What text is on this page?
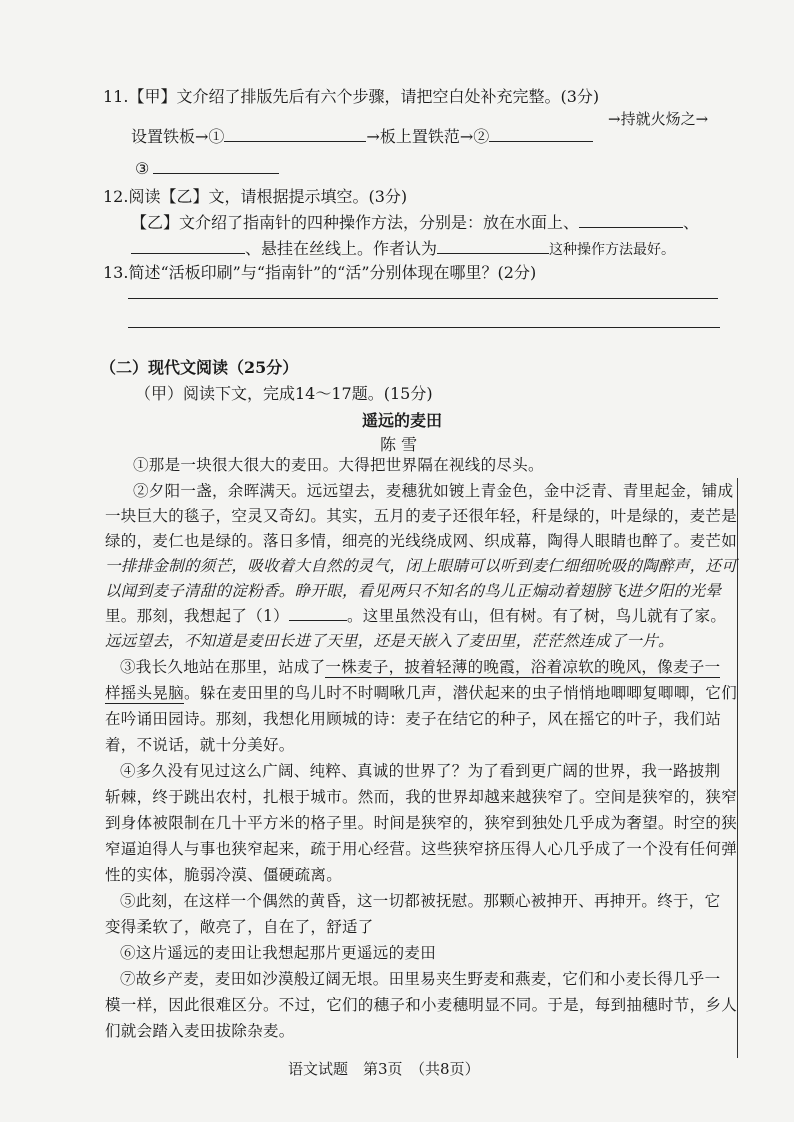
11.【甲】文介绍了排版先后有六个步骤，请把空白处补充完整。(3分)
设置铁板→①	→板上置铁范→②
→持就火炀之→
③
12.阅读【乙】文，请根据提示填空。(3分)
【乙】文介绍了指南针的四种操作方法，分别是：放在水面上、	、
、悬挂在丝线上。作者认为	这种操作方法最好。
13.简述“活板印刷”与“指南针”的“活”分别体现在哪里？(2分)
（二）现代文阅读（25分）
（甲）阅读下文，完成14～17题。(15分)
遥远的麦田
陈 雪
①那是一块很大很大的麦田。大得把世界隔在视线的尽头。
②夕阳一盏，余晖满天。远远望去，麦穗犹如镀上青金色，金中泛青、青里起金，铺成
一块巨大的毯子，空灵又奇幻。其实，五月的麦子还很年轻，秆是绿的，叶是绿的，麦芒是
绿的，麦仁也是绿的。落日多情，细亮的光线绕成网、织成幕，陶得人眼睛也醉了。麦芒如
一排排金制的须芒，吸收着大自然的灵气，闭上眼睛可以听到麦仁细细吮吸的陶醉声，还可
以闻到麦子清甜的淀粉香。睁开眼，看见两只不知名的鸟儿正煽动着翅膀飞进夕阳的光晕
里。那刻，我想起了（1）	。这里虽然没有山，但有树。有了树，鸟儿就有了家。
远远望去，不知道是麦田长进了天里，还是天嵌入了麦田里，茫茫然连成了一片。
③我长久地站在那里，站成了一株麦子，披着轻薄的晚霞，浴着凉软的晚风，像麦子一
样摇头晃脑。躲在麦田里的鸟儿时不时啁啾几声，潜伏起来的虫子悄悄地唧唧复唧唧，它们
在吟诵田园诗。那刻，我想化用顾城的诗：麦子在结它的种子，风在摇它的叶子，我们站
着，不说话，就十分美好。
④多久没有见过这么广阔、纯粹、真诚的世界了？为了看到更广阔的世界，我一路披荆
斩棘，终于跳出农村，扎根于城市。然而，我的世界却越来越狭窄了。空间是狭窄的，狭窄
到身体被限制在几十平方米的格子里。时间是狭窄的，狭窄到独处几乎成为奢望。时空的狭
窄逼迫得人与事也狭窄起来，疏于用心经营。这些狭窄挤压得人心几乎成了一个没有任何弹
性的实体，脆弱冷漠、僵硬疏离。
⑤此刻，在这样一个偶然的黄昏，这一切都被抚慰。那颗心被抻开、再抻开。终于，它
变得柔软了，敞亮了，自在了，舒适了
⑥这片遥远的麦田让我想起那片更遥远的麦田
⑦故乡产麦，麦田如沙漠般辽阔无垠。田里易夹生野麦和燕麦，它们和小麦长得几乎一
模一样，因此很难区分。不过，它们的穗子和小麦穗明显不同。于是，每到抽穗时节，乡人
们就会踏入麦田拔除杂麦。
语文试题　第3页　（共8页）
